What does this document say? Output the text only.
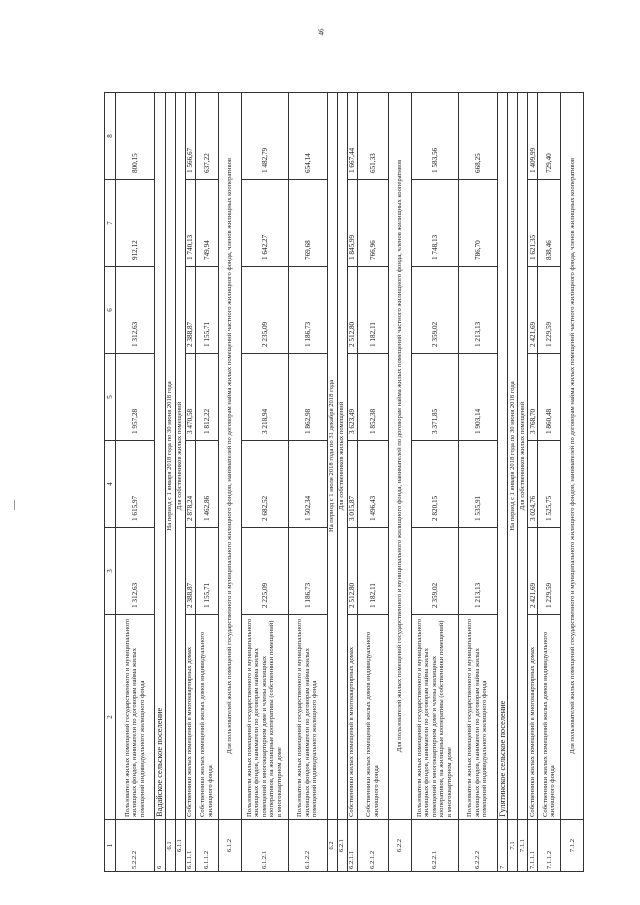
46
1	2	3	4	5	6	7	8
5.2.2.2	Пользователи жилых помещений государственного и муниципального жилищных фондов, наниматели по договорам найма жилых помещений индивидуального жилищного фонда	1 312,63	1 615,97	1 957,28	1 312,63	912,12	800,15
6	Вадайское сельское поселение						
6.1	На период с 1 января 2018 года по 30 июня 2018 года						
6.1.1	Для собственников жилых помещений						
6.1.1.1	Собственники жилых помещений в многоквартирных домах	2 388,87	2 878,24	3 470,58	2 388,87	1 740,13	1 566,67
6.1.1.2	Собственники жилых помещений жилых домов индивидуального жилищного фонда	1 155,71	1 462,86	1 812,22	1 155,71	749,94	637,22
6.1.2	Для пользователей жилых помещений государственного и муниципального жилищного фондов, нанимателей по договорам найма жилых помещений частного жилищного фонда, членов жилищных кооперативов						
6.1.2.1	Пользователи жилых помещений государственного и муниципального жилищных фондов, наниматели по договорам найма жилых помещений в многоквартирном доме и члены жилищных кооперативов, на жилищные кооперативы (собственники помещений) в многоквартирном доме	2 225,09	2 682,52	3 218,94	2 235,09	1 642,27	1 482,79
6.1.2.2	Пользователи жилых помещений государственного и муниципального жилищных фондов, наниматели по договорам найма жилых помещений индивидуального жилищного фонда	1 186,73	1 502,34	1 862,98	1 186,73	769,68	654,14
6.2	На период с 1 июля 2018 года по 31 декабря 2018 года						
6.2.1	Для собственников жилых помещений						
6.2.1.1	Собственники жилых помещений в многоквартирных домах	2 512,80	3 015,87	3 623,49	2 512,80	1 845,99	1 667,44
6.2.1.2	Собственники жилых помещений жилых домов индивидуального жилищного фонда	1 182,11	1 496,43	1 852,38	1 182,11	766,96	651,33
6.2.2	Для пользователей жилых помещений государственного и муниципального жилищного фонда, нанимателей по договорам найма жилых помещений частного жилищного фонда, членов жилищных кооперативов						
6.2.2.1	Пользователи жилых помещений государственного и муниципального жилищных фондов, наниматели по договорам найма жилых помещений в многоквартирном доме и члены жилищных кооперативов, на жилищные кооперативы (собственники помещений) в многоквартирном доме	2 359,02	2 820,15	3 371,85	2 359,02	1 748,13	1 583,56
6.2.2.2	Пользователи жилых помещений государственного и муниципального жилищных фондов, наниматели по договорам найма жилых помещений индивидуального жилищного фонда	1 213,13	1 535,91	1 903,14	1 213,13	786,70	668,25
7	Гулятинское сельское поселение						
7.1	На период с 1 января 2018 года по 30 июня 2018 года						
7.1.1	Для собственников жилых помещений						
7.1.1.1	Собственники жилых помещений в многоквартирных домах	2 421,69	3 024,76	3 768,70	2 421,69	1 621,35	1 409,99
7.1.1.2	Собственники жилых помещений жилых домов индивидуального жилищного фонда	1 229,59	1 525,75	1 860,48	1 229,59	838,46	729,40
7.1.2	Для пользователей жилых помещений государственного и муниципального жилищного фондов, нанимателей по договорам найма жилых помещений частного жилищного фонда, членов жилищных кооперативов						
